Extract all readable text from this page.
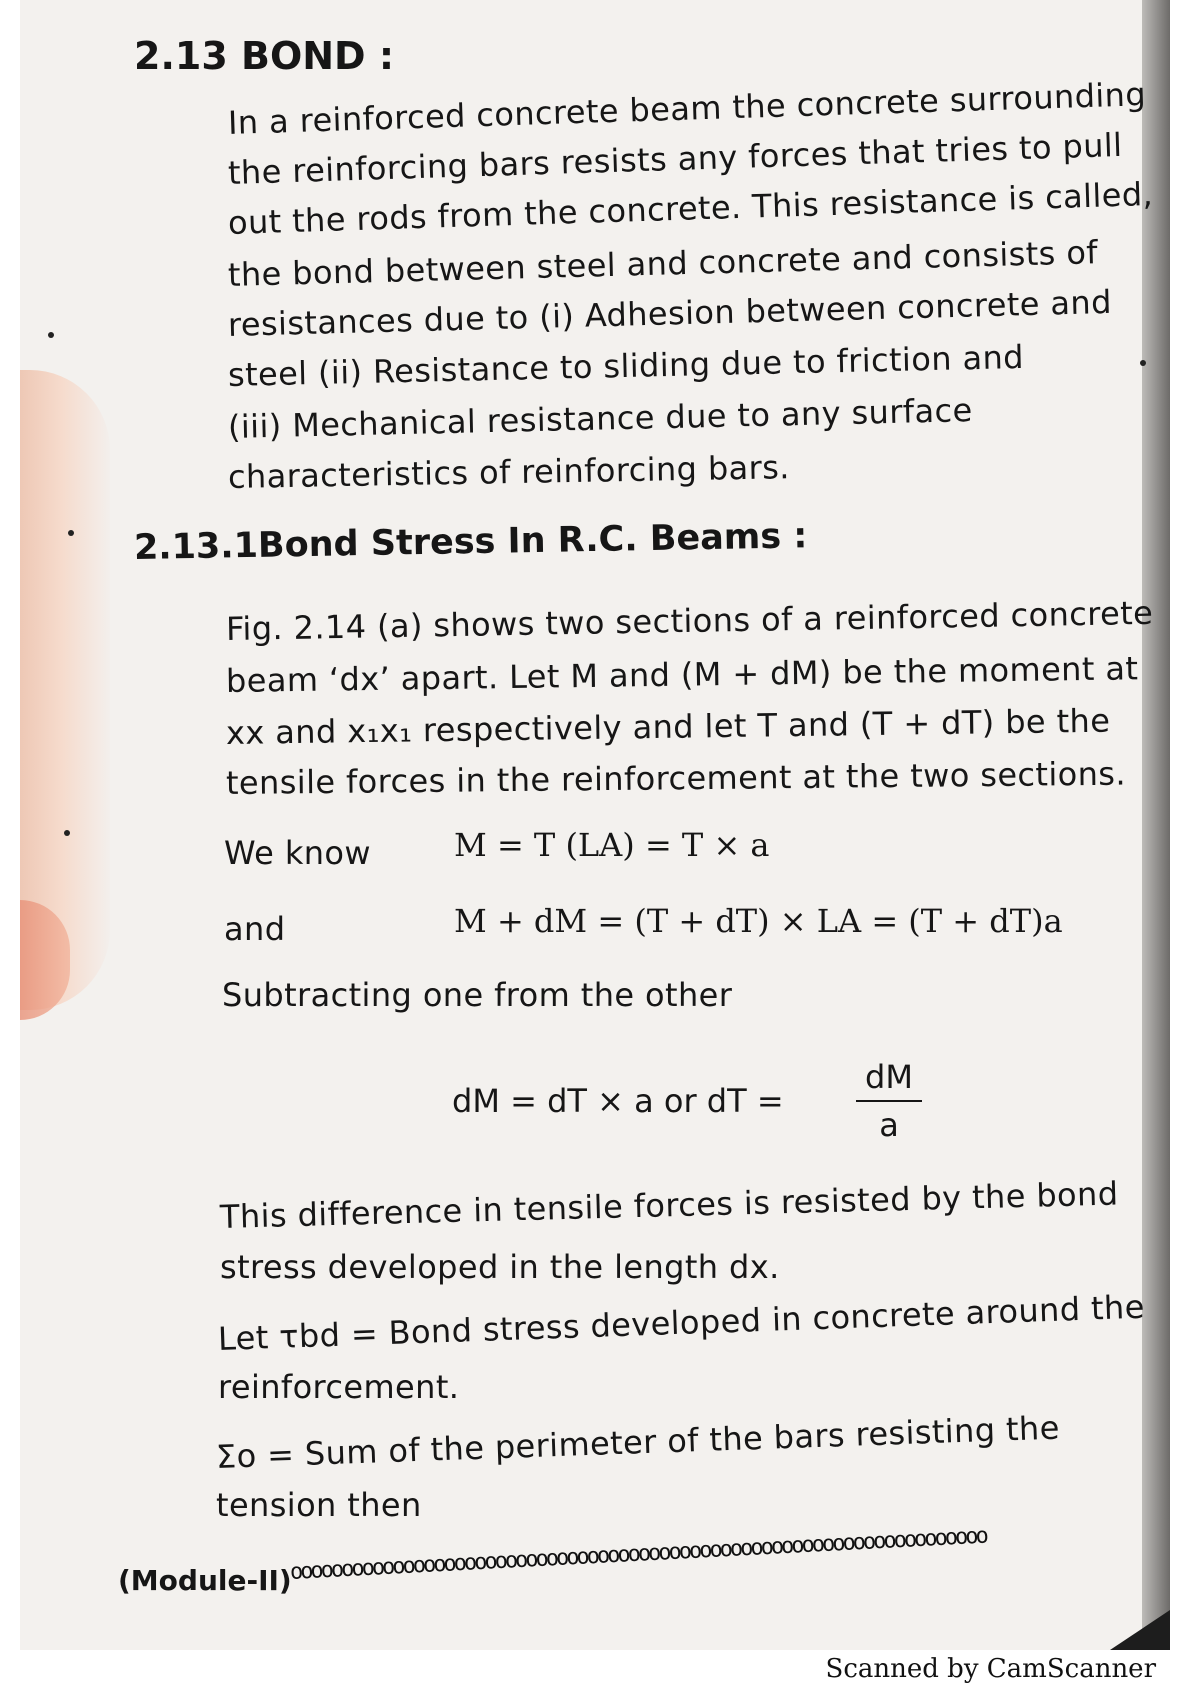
2.13 BOND :
In a reinforced concrete beam the concrete surrounding
the reinforcing bars resists any forces that tries to pull
out the rods from the concrete. This resistance is called,
the bond between steel and concrete and consists of
resistances due to (i) Adhesion between concrete and
steel (ii) Resistance to sliding due to friction and
(iii) Mechanical resistance due to any surface
characteristics of reinforcing bars.
2.13.1Bond Stress In R.C. Beams :
Fig. 2.14 (a) shows two sections of a reinforced concrete
beam ‘dx’ apart. Let M and (M + dM) be the moment at
xx and x₁x₁ respectively and let T and (T + dT) be the
tensile forces in the reinforcement at the two sections.
We know	M = T (LA) = T × a
and	M + dM = (T + dT) × LA = (T + dT)a
Subtracting one from the other
dM = dT × a or dT = $\frac{dM}{a}$
This difference in tensile forces is resisted by the bond
stress developed in the length dx.
Let τbd = Bond stress developed in concrete around the
reinforcement.
Σo = Sum of the perimeter of the bars resisting the
tension then
(Module-II)
oooooooooooooooooooooooooooooooooooooooooooooooooooooooooooooooooooo
Scanned by CamScanner
